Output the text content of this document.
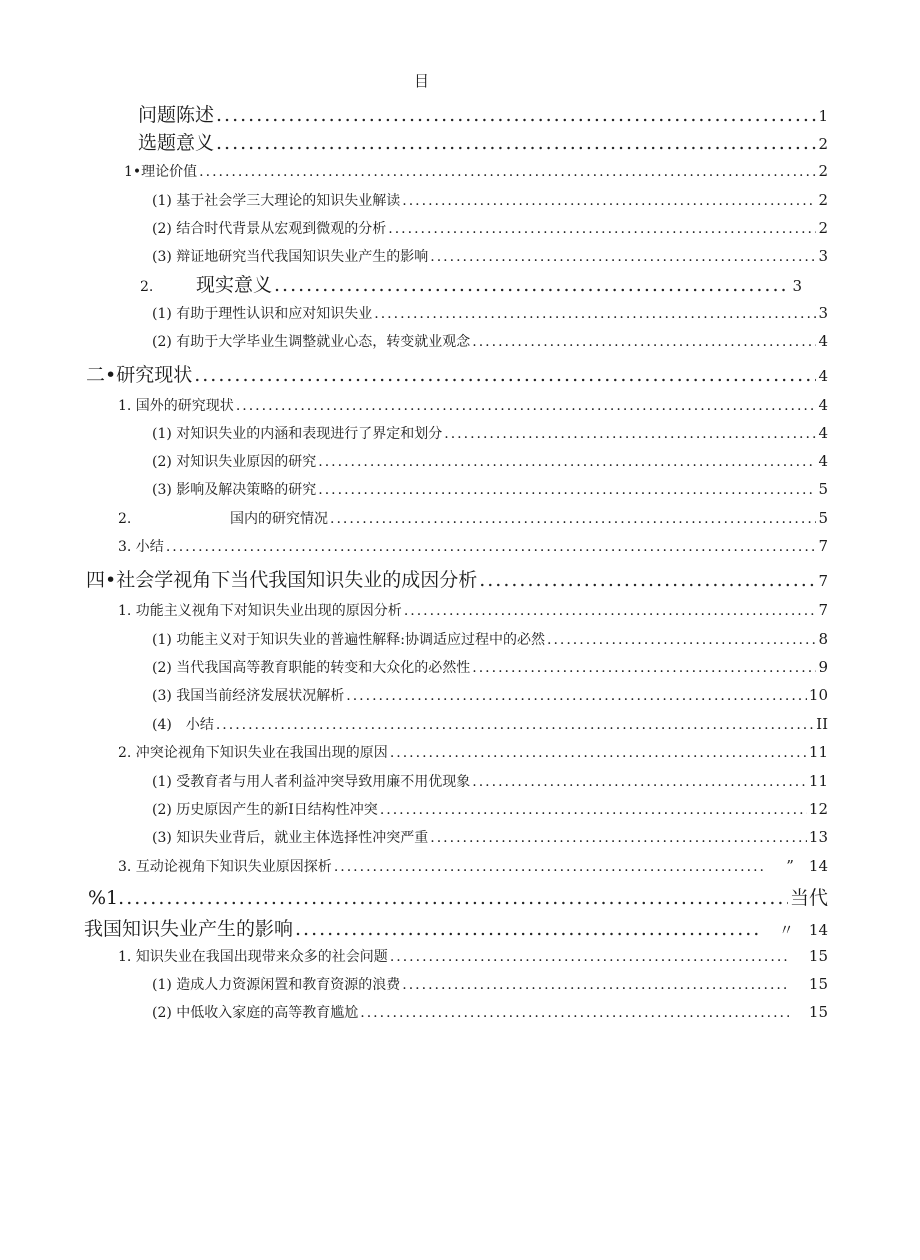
目
问题陈述 .....	1
选题意义 .....	2
1•理论价值 .....	2
(1) 基于社会学三大理论的知识失业解读 .....	2
(2) 结合时代背景从宏观到微观的分析 .....	2
(3) 辩证地研究当代我国知识失业产生的影响 .....	3
2.	现实意义 .....	3
(1) 有助于理性认识和应对知识失业 .....	3
(2) 有助于大学毕业生调整就业心态，转变就业观念 .....	4
二•研究现状 .....	4
1. 国外的研究现状 .....	4
(1) 对知识失业的内涵和表现进行了界定和划分 .....	4
(2) 对知识失业原因的研究 .....	4
(3) 影响及解决策略的研究 .....	5
2.	国内的研究情况 .....	5
3. 小结 .....	7
四•社会学视角下当代我国知识失业的成因分析 .....	7
1. 功能主义视角下对知识失业出现的原因分析 .....	7
(1) 功能主义对于知识失业的普遍性解释:协调适应过程中的必然 .....	8
(2) 当代我国高等教育职能的转变和大众化的必然性 .....	9
(3) 我国当前经济发展状况解析 .....	10
(4)　小结 .....	II
2. 冲突论视角下知识失业在我国出现的原因 .....	11
(1) 受教育者与用人者利益冲突导致用廉不用优现象 .....	11
(2) 历史原因产生的新I日结构性冲突 .....	12
(3) 知识失业背后，就业主体选择性冲突严重 .....	13
3. 互动论视角下知识失业原因探析 .....	”　14
%1. .....	当代
我国知识失业产生的影响 .....	〃　14
1. 知识失业在我国出现带来众多的社会问题 .....	15
(1) 造成人力资源闲置和教育资源的浪费 .....	15
(2) 中低收入家庭的高等教育尴尬 .....	15
